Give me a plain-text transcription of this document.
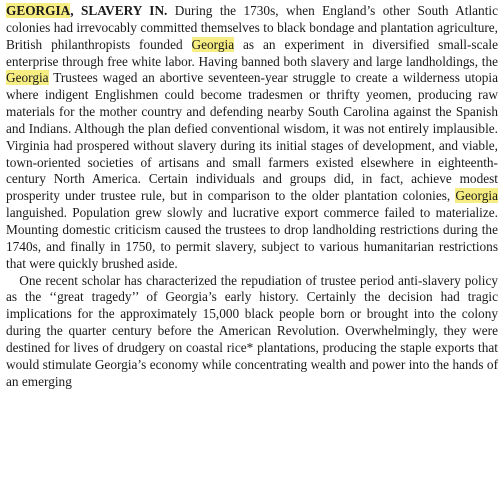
GEORGIA, SLAVERY IN. During the 1730s, when England’s other South Atlantic colonies had irrevocably committed themselves to black bondage and plantation agriculture, British philanthropists founded Georgia as an experiment in diversified small-scale enterprise through free white labor. Having banned both slavery and large landholdings, the Georgia Trustees waged an abortive seventeen-year struggle to create a wilderness utopia where indigent Englishmen could become tradesmen or thrifty yeomen, producing raw materials for the mother country and defending nearby South Carolina against the Spanish and Indians. Although the plan defied conventional wisdom, it was not entirely implausible. Virginia had prospered without slavery during its initial stages of development, and viable, town-oriented societies of artisans and small farmers existed elsewhere in eighteenth-century North America. Certain individuals and groups did, in fact, achieve modest prosperity under trustee rule, but in comparison to the older plantation colonies, Georgia languished. Population grew slowly and lucrative export commerce failed to materialize. Mounting domestic criticism caused the trustees to drop landholding restrictions during the 1740s, and finally in 1750, to permit slavery, subject to various humanitarian restrictions that were quickly brushed aside.

One recent scholar has characterized the repudiation of trustee period anti-slavery policy as the ‘‘great tragedy’’ of Georgia’s early history. Certainly the decision had tragic implications for the approximately 15,000 black people born or brought into the colony during the quarter century before the American Revolution. Overwhelmingly, they were destined for lives of drudgery on coastal rice* plantations, producing the staple exports that would stimulate Georgia’s economy while concentrating wealth and power into the hands of an emerging
